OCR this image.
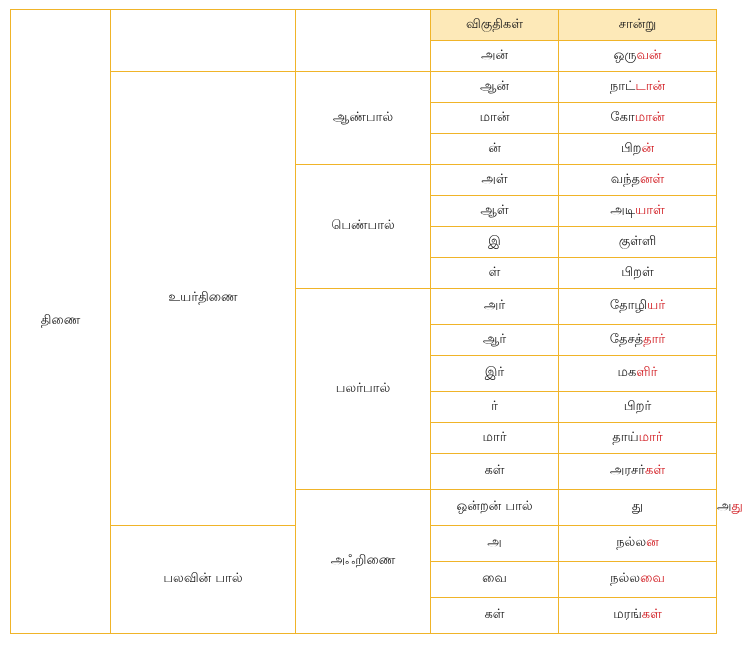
திணை			விகுதிகள்	சான்று	
			அன்	ஒருவன்	
	உயர்திணை	ஆண்பால்	ஆன்	நாட்டான்	
			மான்	கோமான்	
			ன்	பிறன்	
		பெண்பால்	அள்	வந்தனள்	
			ஆள்	அடியாள்	
			இ	குள்ளி	
			ள்	பிறள்	
		பலர்பால்	அர்	தோழியர்	
			ஆர்	தேசத்தார்	
			இர்	மகளிர்	
			ர்	பிறர்	
			மார்	தாய்மார்	
			கள்	அரசர்கள்	
		அஃறிணை	ஒன்றன் பால்	து	அது
	பலவின் பால்		அ	நல்லன	
			வை	நல்லவை	
			கள்	மரங்கள்	
